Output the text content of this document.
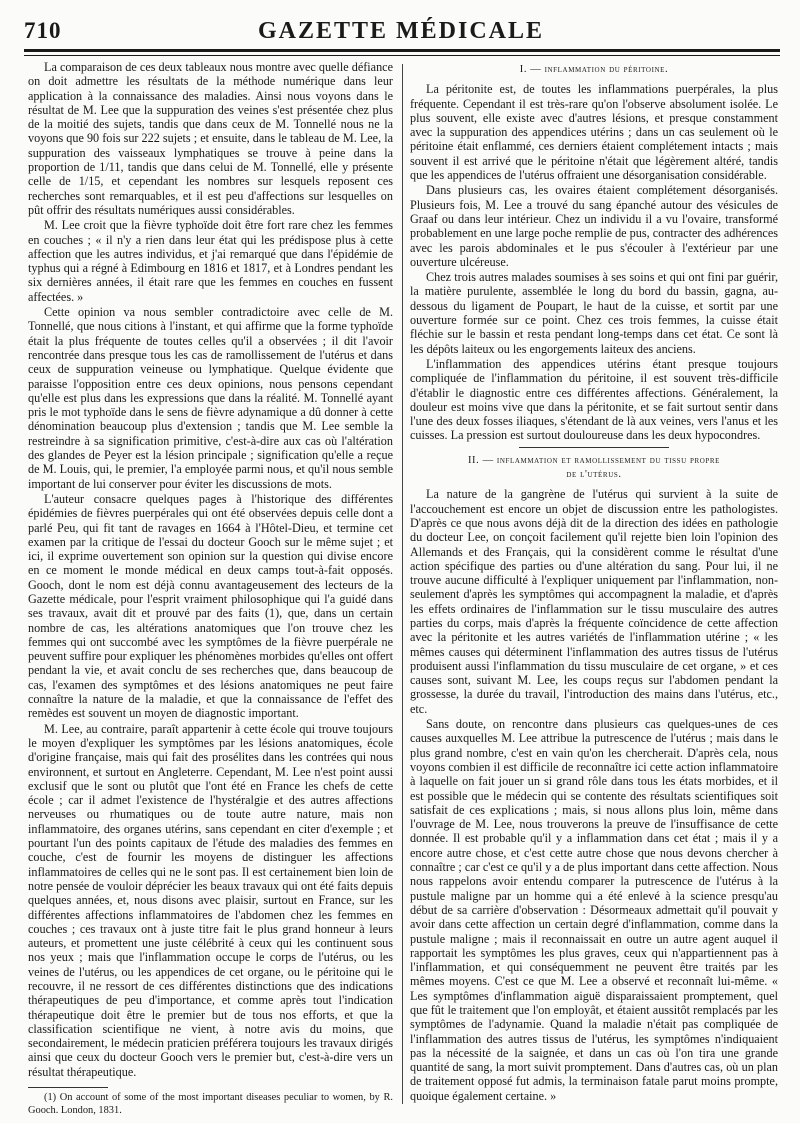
710	GAZETTE MÉDICALE

La comparaison de ces deux tableaux nous montre avec quelle défiance on doit admettre les résultats de la méthode numérique dans leur application à la connaissance des maladies. Ainsi nous voyons dans le résultat de M. Lee que la suppuration des veines s'est présentée chez plus de la moitié des sujets, tandis que dans ceux de M. Tonnellé nous ne la voyons que 90 fois sur 222 sujets ; et ensuite, dans le tableau de M. Lee, la suppuration des vaisseaux lymphatiques se trouve à peine dans la proportion de 1/11, tandis que dans celui de M. Tonnellé, elle y présente celle de 1/15, et cependant les nombres sur lesquels reposent ces recherches sont remarquables, et il est peu d'affections sur lesquelles on pût offrir des résultats numériques aussi considérables.

M. Lee croit que la fièvre typhoïde doit être fort rare chez les femmes en couches ; « il n'y a rien dans leur état qui les prédispose plus à cette affection que les autres individus, et j'ai remarqué que dans l'épidémie de typhus qui a régné à Edimbourg en 1816 et 1817, et à Londres pendant les six dernières années, il était rare que les femmes en couches en fussent affectées. »

Cette opinion va nous sembler contradictoire avec celle de M. Tonnellé, que nous citions à l'instant, et qui affirme que la forme typhoïde était la plus fréquente de toutes celles qu'il a observées ; il dit l'avoir rencontrée dans presque tous les cas de ramollissement de l'utérus et dans ceux de suppuration veineuse ou lymphatique. Quelque évidente que paraisse l'opposition entre ces deux opinions, nous pensons cependant qu'elle est plus dans les expressions que dans la réalité. M. Tonnellé ayant pris le mot typhoïde dans le sens de fièvre adynamique a dû donner à cette dénomination beaucoup plus d'extension ; tandis que M. Lee semble la restreindre à sa signification primitive, c'est-à-dire aux cas où l'altération des glandes de Peyer est la lésion principale ; signification qu'elle a reçue de M. Louis, qui, le premier, l'a employée parmi nous, et qu'il nous semble important de lui conserver pour éviter les discussions de mots.

L'auteur consacre quelques pages à l'historique des différentes épidémies de fièvres puerpérales qui ont été observées depuis celle dont a parlé Peu, qui fit tant de ravages en 1664 à l'Hôtel-Dieu, et termine cet examen par la critique de l'essai du docteur Gooch sur le même sujet ; et ici, il exprime ouvertement son opinion sur la question qui divise encore en ce moment le monde médical en deux camps tout-à-fait opposés. Gooch, dont le nom est déjà connu avantageusement des lecteurs de la Gazette médicale, pour l'esprit vraiment philosophique qui l'a guidé dans ses travaux, avait dit et prouvé par des faits (1), que, dans un certain nombre de cas, les altérations anatomiques que l'on trouve chez les femmes qui ont succombé avec les symptômes de la fièvre puerpérale ne peuvent suffire pour expliquer les phénomènes morbides qu'elles ont offert pendant la vie, et avait conclu de ses recherches que, dans beaucoup de cas, l'examen des symptômes et des lésions anatomiques ne peut faire connaître la nature de la maladie, et que la connaissance de l'effet des remèdes est souvent un moyen de diagnostic important.

M. Lee, au contraire, paraît appartenir à cette école qui trouve toujours le moyen d'expliquer les symptômes par les lésions anatomiques, école d'origine française, mais qui fait des prosélites dans les contrées qui nous environnent, et surtout en Angleterre. Cependant, M. Lee n'est point aussi exclusif que le sont ou plutôt que l'ont été en France les chefs de cette école ; car il admet l'existence de l'hystéralgie et des autres affections nerveuses ou rhumatiques ou de toute autre nature, mais non inflammatoire, des organes utérins, sans cependant en citer d'exemple ; et pourtant l'un des points capitaux de l'étude des maladies des femmes en couche, c'est de fournir les moyens de distinguer les affections inflammatoires de celles qui ne le sont pas. Il est certainement bien loin de notre pensée de vouloir déprécier les beaux travaux qui ont été faits depuis quelques années, et, nous disons avec plaisir, surtout en France, sur les différentes affections inflammatoires de l'abdomen chez les femmes en couches ; ces travaux ont à juste titre fait le plus grand honneur à leurs auteurs, et promettent une juste célébrité à ceux qui les continuent sous nos yeux ; mais que l'inflammation occupe le corps de l'utérus, ou les veines de l'utérus, ou les appendices de cet organe, ou le péritoine qui le recouvre, il ne ressort de ces différentes distinctions que des indications thérapeutiques de peu d'importance, et comme après tout l'indication thérapeutique doit être le premier but de tous nos efforts, et que la classification scientifique ne vient, à notre avis du moins, que secondairement, le médecin praticien préférera toujours les travaux dirigés ainsi que ceux du docteur Gooch vers le premier but, c'est-à-dire vers un résultat thérapeutique.

(1) On account of some of the most important diseases peculiar to women, by R. Gooch. London, 1831.

I. — inflammation du péritoine.

La péritonite est, de toutes les inflammations puerpérales, la plus fréquente. Cependant il est très-rare qu'on l'observe absolument isolée. Le plus souvent, elle existe avec d'autres lésions, et presque constamment avec la suppuration des appendices utérins ; dans un cas seulement où le péritoine était enflammé, ces derniers étaient complétement intacts ; mais souvent il est arrivé que le péritoine n'était que légèrement altéré, tandis que les appendices de l'utérus offraient une désorganisation considérable.

Dans plusieurs cas, les ovaires étaient complétement désorganisés. Plusieurs fois, M. Lee a trouvé du sang épanché autour des vésicules de Graaf ou dans leur intérieur. Chez un individu il a vu l'ovaire, transformé probablement en une large poche remplie de pus, contracter des adhérences avec les parois abdominales et le pus s'écouler à l'extérieur par une ouverture ulcéreuse.

Chez trois autres malades soumises à ses soins et qui ont fini par guérir, la matière purulente, assemblée le long du bord du bassin, gagna, au-dessous du ligament de Poupart, le haut de la cuisse, et sortit par une ouverture formée sur ce point. Chez ces trois femmes, la cuisse était fléchie sur le bassin et resta pendant long-temps dans cet état. Ce sont là les dépôts laiteux ou les engorgements laiteux des anciens.

L'inflammation des appendices utérins étant presque toujours compliquée de l'inflammation du péritoine, il est souvent très-difficile d'établir le diagnostic entre ces différentes affections. Généralement, la douleur est moins vive que dans la péritonite, et se fait surtout sentir dans l'une des deux fosses iliaques, s'étendant de là aux veines, vers l'anus et les cuisses. La pression est surtout douloureuse dans les deux hypocondres.

II. — inflammation et ramollissement du tissu propre
de l'utérus.

La nature de la gangrène de l'utérus qui survient à la suite de l'accouchement est encore un objet de discussion entre les pathologistes. D'après ce que nous avons déjà dit de la direction des idées en pathologie du docteur Lee, on conçoit facilement qu'il rejette bien loin l'opinion des Allemands et des Français, qui la considèrent comme le résultat d'une action spécifique des parties ou d'une altération du sang. Pour lui, il ne trouve aucune difficulté à l'expliquer uniquement par l'inflammation, non-seulement d'après les symptômes qui accompagnent la maladie, et d'après les effets ordinaires de l'inflammation sur le tissu musculaire des autres parties du corps, mais d'après la fréquente coïncidence de cette affection avec la péritonite et les autres variétés de l'inflammation utérine ; « les mêmes causes qui déterminent l'inflammation des autres tissus de l'utérus produisent aussi l'inflammation du tissu musculaire de cet organe, » et ces causes sont, suivant M. Lee, les coups reçus sur l'abdomen pendant la grossesse, la durée du travail, l'introduction des mains dans l'utérus, etc., etc.

Sans doute, on rencontre dans plusieurs cas quelques-unes de ces causes auxquelles M. Lee attribue la putrescence de l'utérus ; mais dans le plus grand nombre, c'est en vain qu'on les chercherait. D'après cela, nous voyons combien il est difficile de reconnaître ici cette action inflammatoire à laquelle on fait jouer un si grand rôle dans tous les états morbides, et il est possible que le médecin qui se contente des résultats scientifiques soit satisfait de ces explications ; mais, si nous allons plus loin, même dans l'ouvrage de M. Lee, nous trouverons la preuve de l'insuffisance de cette donnée. Il est probable qu'il y a inflammation dans cet état ; mais il y a encore autre chose, et c'est cette autre chose que nous devons chercher à connaître ; car c'est ce qu'il y a de plus important dans cette affection. Nous nous rappelons avoir entendu comparer la putrescence de l'utérus à la pustule maligne par un homme qui a été enlevé à la science presqu'au début de sa carrière d'observation : Désormeaux admettait qu'il pouvait y avoir dans cette affection un certain degré d'inflammation, comme dans la pustule maligne ; mais il reconnaissait en outre un autre agent auquel il rapportait les symptômes les plus graves, ceux qui n'appartiennent pas à l'inflammation, et qui conséquemment ne peuvent être traités par les mêmes moyens. C'est ce que M. Lee a observé et reconnaît lui-même. « Les symptômes d'inflammation aiguë disparaissaient promptement, quel que fût le traitement que l'on employât, et étaient aussitôt remplacés par les symptômes de l'adynamie. Quand la maladie n'était pas compliquée de l'inflammation des autres tissus de l'utérus, les symptômes n'indiquaient pas la nécessité de la saignée, et dans un cas où l'on tira une grande quantité de sang, la mort suivit promptement. Dans d'autres cas, où un plan de traitement opposé fut admis, la terminaison fatale parut moins prompte, quoique également certaine. »
